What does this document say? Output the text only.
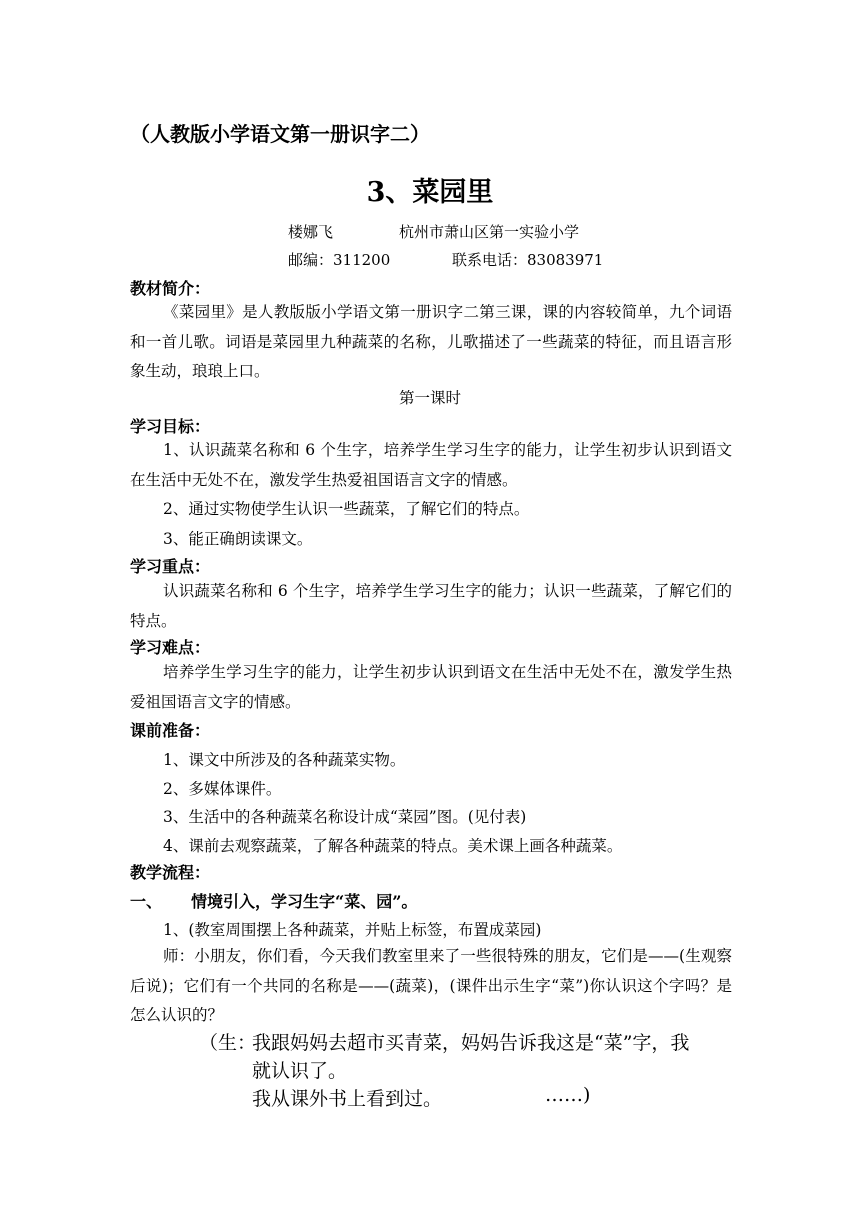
（人教版小学语文第一册识字二）
3、菜园里
楼娜飞	杭州市萧山区第一实验小学
邮编：311200	联系电话：83083971
教材简介：
《菜园里》是人教版版小学语文第一册识字二第三课，课的内容较简单，九个词语和一首儿歌。词语是菜园里九种蔬菜的名称，儿歌描述了一些蔬菜的特征，而且语言形象生动，琅琅上口。
第一课时
学习目标：
1、认识蔬菜名称和 6 个生字，培养学生学习生字的能力，让学生初步认识到语文在生活中无处不在，激发学生热爱祖国语言文字的情感。
2、通过实物使学生认识一些蔬菜，了解它们的特点。
3、能正确朗读课文。
学习重点：
认识蔬菜名称和 6 个生字，培养学生学习生字的能力；认识一些蔬菜，了解它们的特点。
学习难点：
培养学生学习生字的能力，让学生初步认识到语文在生活中无处不在，激发学生热爱祖国语言文字的情感。
课前准备：
1、课文中所涉及的各种蔬菜实物。
2、多媒体课件。
3、生活中的各种蔬菜名称设计成“菜园”图。(见付表)
4、课前去观察蔬菜，了解各种蔬菜的特点。美术课上画各种蔬菜。
教学流程：
一、 情境引入，学习生字“菜、园”。
1、(教室周围摆上各种蔬菜，并贴上标签，布置成菜园)
师：小朋友，你们看，今天我们教室里来了一些很特殊的朋友，它们是——(生观察后说)；它们有一个共同的名称是——(蔬菜)，(课件出示生字“菜”)你认识这个字吗？是怎么认识的？
（生：
我跟妈妈去超市买青菜，妈妈告诉我这是“菜”字，我
就认识了。
我从课外书上看到过。	……)
